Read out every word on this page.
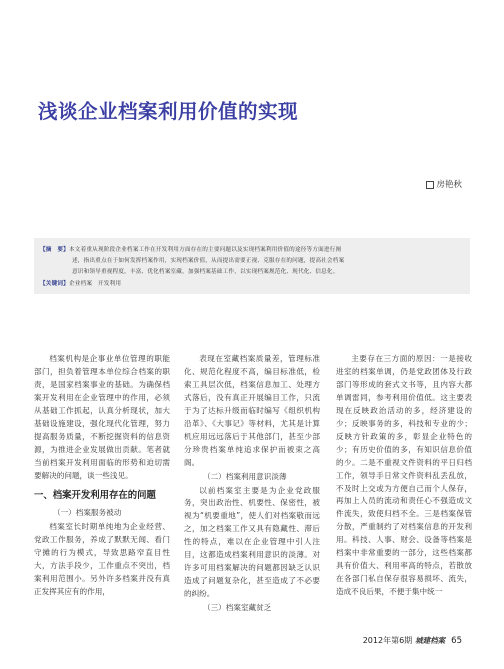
浅谈企业档案利用价值的实现
房艳秋
【摘　要】本文着重从现阶段企业档案工作在开发利用方面存在的主要问题以及实现档案利用价值的途径等方面进行阐
述，指出重点在于如何发挥档案作用，实现档案价值，从而提出需要正视、克服存在的问题，提高社会档案
意识和领导重视程度，丰富、优化档案室藏，加强档案基础工作，以实现档案规范化、现代化、信息化。
【关键词】企业档案　开发利用

档案机构是企事业单位管理的职能部门，担负着管理本单位综合档案的职责，是国家档案事业的基础。为确保档案开发利用在企业管理中的作用，必须从基础工作抓起，认真分析现状，加大基础设施建设，强化现代化管理，努力提高服务质量，不断挖掘资料的信息资源，为推进企业发展做出贡献。笔者就当前档案开发利用面临的形势和迫切需要解决的问题，谈一些浅见。

一、档案开发利用存在的问题

（一）档案服务被动

档案室长时期单纯地为企业经营、党政工作服务，养成了默默无闻、看门守摊的行为模式，导致思路窄直目性大，方法手段少，工作重点不突出，档案利用范围小。另外许多档案并没有真正发挥其应有的作用，

表现在室藏档案质量差，管理标准化、规范化程度不高，编目标准低，检索工具层次低，档案信息加工、处理方式落后，没有真正开展编目工作，只流于为了达标升级而临时编写《组织机构沿革》、《大事记》等材料，尤其是计算机应用远远落后于其他部门，甚至少部分珍贵档案单纯追求保护而被束之高阁。

（二）档案利用意识淡薄

以前档案室主要是为企业党政服务，突出政治性、机要性、保密性，被视为“机要重地”，使人们对档案敬而远之，加之档案工作又具有隐藏性、滞后性的特点，难以在企业管理中引人注目，这都造成档案利用意识的淡薄。对许多可用档案解决的问题都因缺乏认识造成了问题复杂化，甚至造成了不必要的纠纷。

（三）档案室藏贫乏

主要存在三方面的原因：一是接收进室的档案单调，仍是党政团体及行政部门等形成的套式文书等，且内容大都单调雷同，参考利用价值低。这主要表现在反映政治活动的多，经济建设的少；反映事务的多，科技和专业的少；反映方针政策的多，彰显企业特色的少；有历史价值的多，有知识信息价值的少。二是不重视文件资料的平日归档工作，领导手日常文件资料乱丢乱放，不及时上交或为方便自己而个人保存，再加上人员的流动和责任心不强造成文件流失，致使归档不全。三是档案保管分散，严重制约了对档案信息的开发利用。科技、人事、财会、设备等档案是档案中非常重要的一部分，这些档案都具有价值大、利用率高的特点，若散放在各部门私自保存很容易损坏、流失，造成不良后果，不便于集中统一

2012年第6期 城建档案 65
